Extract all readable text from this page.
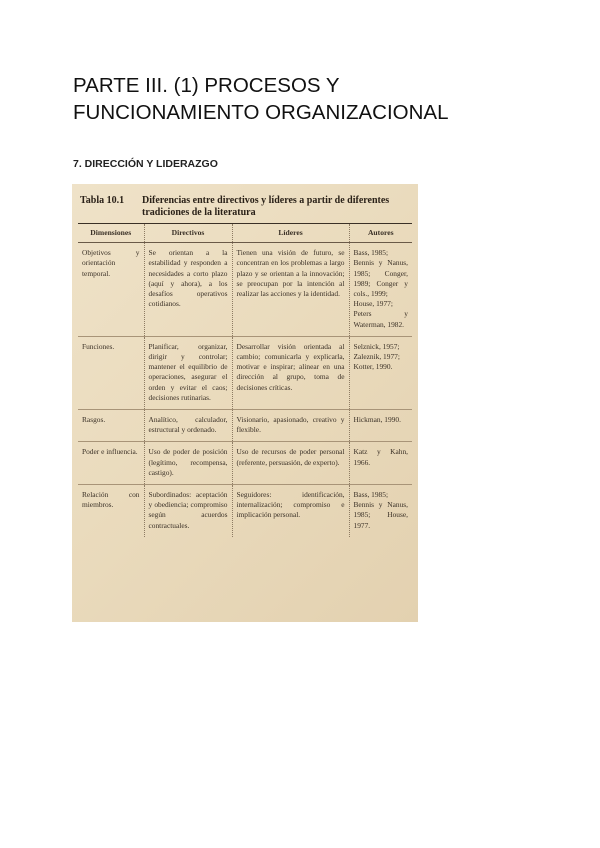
PARTE III. (1) PROCESOS Y
FUNCIONAMIENTO ORGANIZACIONAL
7. DIRECCIÓN Y LIDERAZGO
Tabla 10.1	Diferencias entre directivos y líderes a partir de diferentes tradiciones de la literatura
Dimensiones	Directivos	Líderes	Autores
Objetivos y orientación temporal.	Se orientan a la estabilidad y responden a necesidades a corto plazo (aquí y ahora), a los desafíos operativos cotidianos.	Tienen una visión de futuro, se concentran en los problemas a largo plazo y se orientan a la innovación; se preocupan por la intención al realizar las acciones y la identidad.	Bass, 1985;
Bennis y Nanus, 1985; Conger, 1989; Conger y cols., 1999;
House, 1977;
Peters y Waterman, 1982.

Funciones.	Planificar, organizar, dirigir y controlar; mantener el equilibrio de operaciones, asegurar el orden y evitar el caos; decisiones rutinarias.	Desarrollar visión orientada al cambio; comunicarla y explicarla, motivar e inspirar; alinear en una dirección al grupo, toma de decisiones críticas.	Selznick, 1957;
Zaleznik, 1977;
Kotter, 1990.

Rasgos.	Analítico, calculador, estructural y ordenado.	Visionario, apasionado, creativo y flexible.	Hickman, 1990.

Poder e influencia.	Uso de poder de posición (legítimo, recompensa, castigo).	Uso de recursos de poder personal (referente, persuasión, de experto).	Katz y Kahn, 1966.

Relación con miembros.	Subordinados: aceptación y obediencia; compromiso según acuerdos contractuales.	Seguidores: identificación, internalización; compromiso e implicación personal.	Bass, 1985;
Bennis y Nanus, 1985; House, 1977.
